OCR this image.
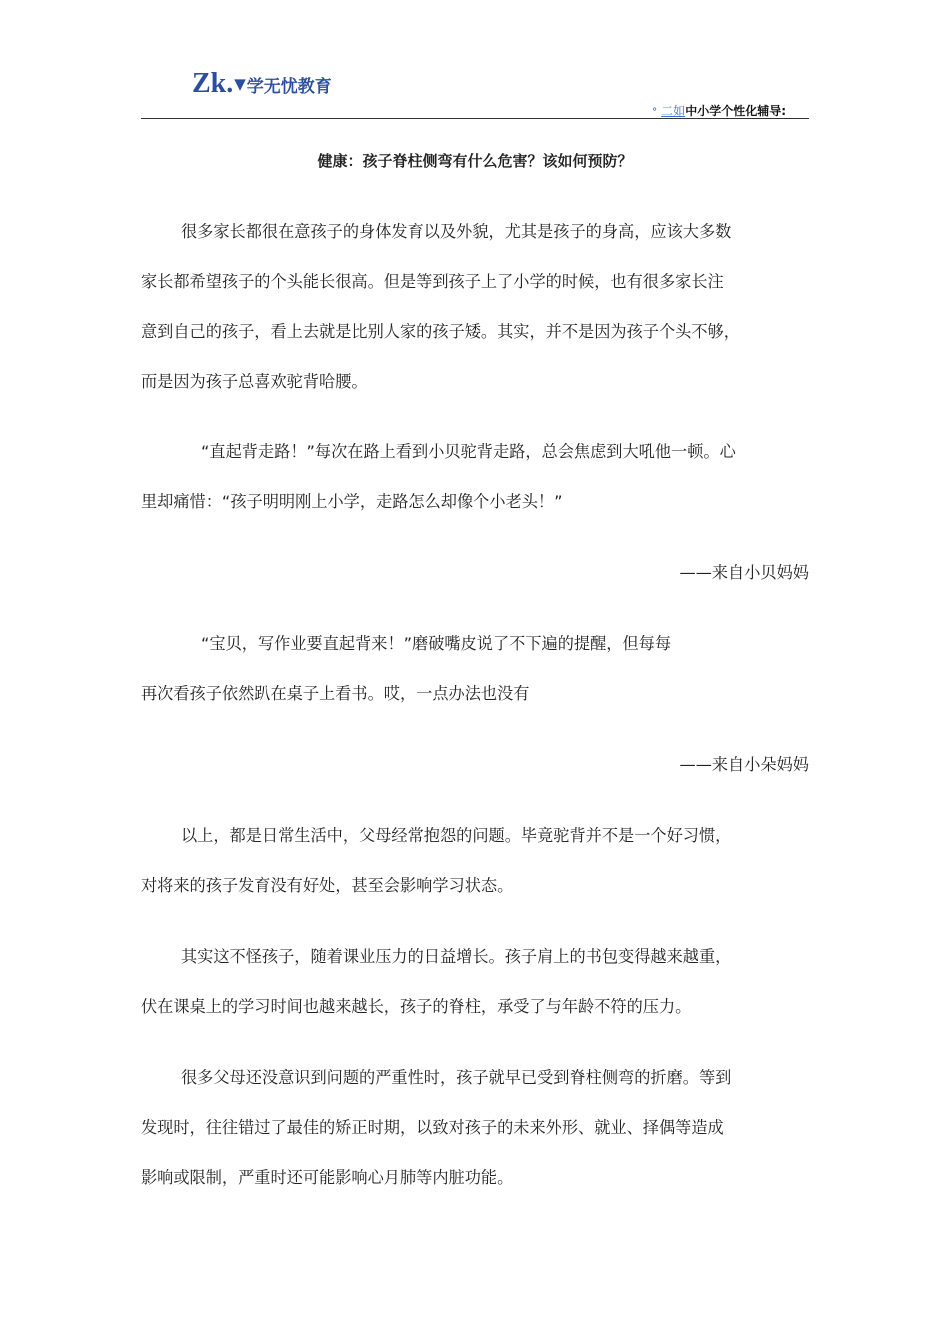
Zk. ▼ 学无忧教育
° 二如 中小学个性化辅导:
健康：孩子脊柱侧弯有什么危害？该如何预防？
很多家长都很在意孩子的身体发育以及外貌，尤其是孩子的身高，应该大多数
家长都希望孩子的个头能长很高。但是等到孩子上了小学的时候，也有很多家长注
意到自己的孩子，看上去就是比别人家的孩子矮。其实，并不是因为孩子个头不够，
而是因为孩子总喜欢驼背哈腰。
“直起背走路！”每次在路上看到小贝驼背走路，总会焦虑到大吼他一顿。心
里却痛惜：“孩子明明刚上小学，走路怎么却像个小老头！”
——来自小贝妈妈
“宝贝，写作业要直起背来！”磨破嘴皮说了不下遍的提醒，但每每
再次看孩子依然趴在桌子上看书。哎，一点办法也没有
——来自小朵妈妈
以上，都是日常生活中，父母经常抱怨的问题。毕竟驼背并不是一个好习惯，
对将来的孩子发育没有好处，甚至会影响学习状态。
其实这不怪孩子，随着课业压力的日益增长。孩子肩上的书包变得越来越重，
伏在课桌上的学习时间也越来越长，孩子的脊柱，承受了与年龄不符的压力。
很多父母还没意识到问题的严重性时，孩子就早已受到脊柱侧弯的折磨。等到
发现时，往往错过了最佳的矫正时期，以致对孩子的未来外形、就业、择偶等造成
影响或限制，严重时还可能影响心月肺等内脏功能。
